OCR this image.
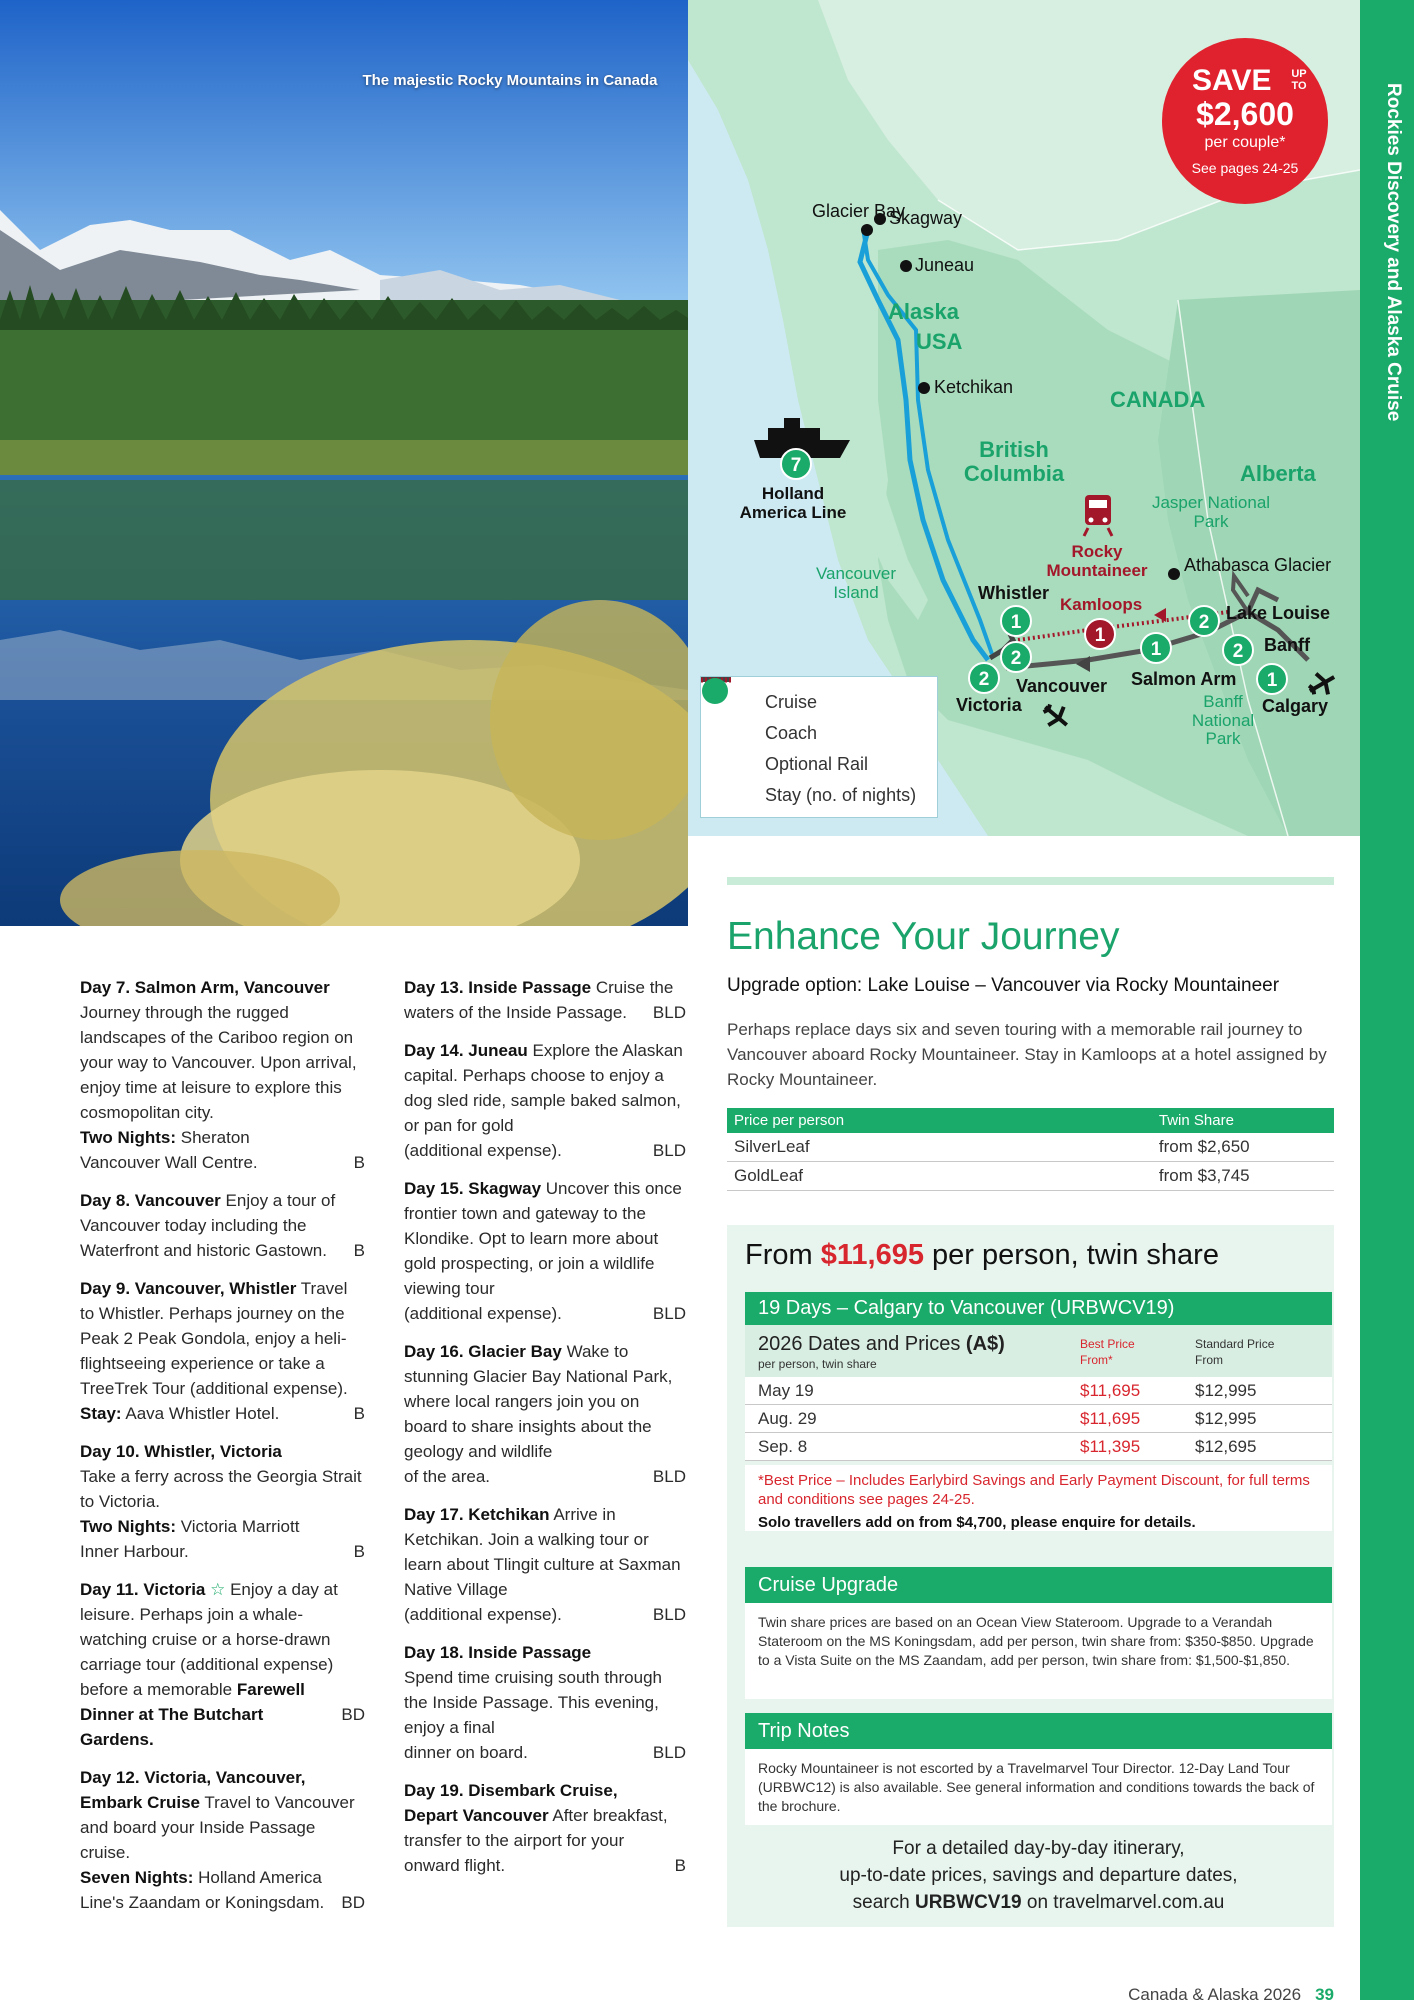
The majestic Rocky Mountains in Canada
Glacier Bay
Skagway
Juneau
Ketchikan
Alaska
USA
CANADA
British Columbia	Alberta
Jasper National Park
Vancouver Island
Banff National Park
Rocky Mountaineer
Kamloops
Athabasca Glacier
Whistler
Lake Louise
Banff
Salmon Arm
Vancouver
Victoria	Calgary
Holland America Line
7
1
2
2
1
1
2
2
1
SAVE	UP TO
$2,600
per couple*
See pages 24-25
Cruise
Coach
Optional Rail
Stay (no. of nights)
Rockies Discovery and Alaska Cruise
Day 7. Salmon Arm, Vancouver
Journey through the rugged landscapes of the Cariboo region on your way to Vancouver. Upon arrival, enjoy time at leisure to explore this cosmopolitan city.
Two Nights: Sheraton
Vancouver Wall Centre.	B
Day 8. Vancouver Enjoy a tour of Vancouver today including the
Waterfront and historic Gastown. B
Day 9. Vancouver, Whistler Travel to Whistler. Perhaps journey on the Peak 2 Peak Gondola, enjoy a heli-flightseeing experience or take a TreeTrek Tour (additional expense).
Stay: Aava Whistler Hotel.	B
Day 10. Whistler, Victoria
Take a ferry across the Georgia Strait to Victoria.
Two Nights: Victoria Marriott
Inner Harbour.	B
Day 11. Victoria ☆ Enjoy a day at leisure. Perhaps join a whale-watching cruise or a horse-drawn carriage tour (additional expense) before a memorable Farewell
Dinner at The Butchart Gardens.
BD
Day 12. Victoria, Vancouver,
Embark Cruise Travel to Vancouver and board your Inside Passage cruise.
Seven Nights: Holland America
Line's Zaandam or Koningsdam. BD
Day 13. Inside Passage Cruise the
waters of the Inside Passage. BLD
Day 14. Juneau Explore the Alaskan capital. Perhaps choose to enjoy a dog sled ride, sample baked salmon, or pan for gold
(additional expense).	BLD
Day 15. Skagway Uncover this once frontier town and gateway to the Klondike. Opt to learn more about gold prospecting, or join a wildlife viewing tour
(additional expense).	BLD
Day 16. Glacier Bay Wake to stunning Glacier Bay National Park, where local rangers join you on board to share insights about the geology and wildlife
of the area.	BLD
Day 17. Ketchikan Arrive in Ketchikan. Join a walking tour or learn about Tlingit culture at Saxman Native Village
(additional expense).	BLD
Day 18. Inside Passage
Spend time cruising south through the Inside Passage. This evening, enjoy a final
dinner on board.	BLD
Day 19. Disembark Cruise,
Depart Vancouver After breakfast, transfer to the airport for your
onward flight.	B
Enhance Your Journey
Upgrade option: Lake Louise – Vancouver via Rocky Mountaineer
Perhaps replace days six and seven touring with a memorable rail journey to Vancouver aboard Rocky Mountaineer. Stay in Kamloops at a hotel assigned by Rocky Mountaineer.
Price per person	Twin Share
SilverLeaf	from $2,650
GoldLeaf	from $3,745
From $11,695 per person, twin share
19 Days – Calgary to Vancouver (URBWCV19)
2026 Dates and Prices (A$)
per person, twin share
Best Price
From*
Standard Price
From
May 19	$11,695	$12,995
Aug. 29	$11,695	$12,995
Sep. 8	$11,395	$12,695
*Best Price – Includes Earlybird Savings and Early Payment Discount, for full terms and conditions see pages 24-25.
Solo travellers add on from $4,700, please enquire for details.
Cruise Upgrade
Twin share prices are based on an Ocean View Stateroom. Upgrade to a Verandah Stateroom on the MS Koningsdam, add per person, twin share from: $350-$850. Upgrade to a Vista Suite on the MS Zaandam, add per person, twin share from: $1,500-$1,850.
Trip Notes
Rocky Mountaineer is not escorted by a Travelmarvel Tour Director. 12-Day Land Tour (URBWC12) is also available. See general information and conditions towards the back of the brochure.
For a detailed day-by-day itinerary,
up-to-date prices, savings and departure dates,
search URBWCV19 on travelmarvel.com.au
Canada & Alaska 2026 39
